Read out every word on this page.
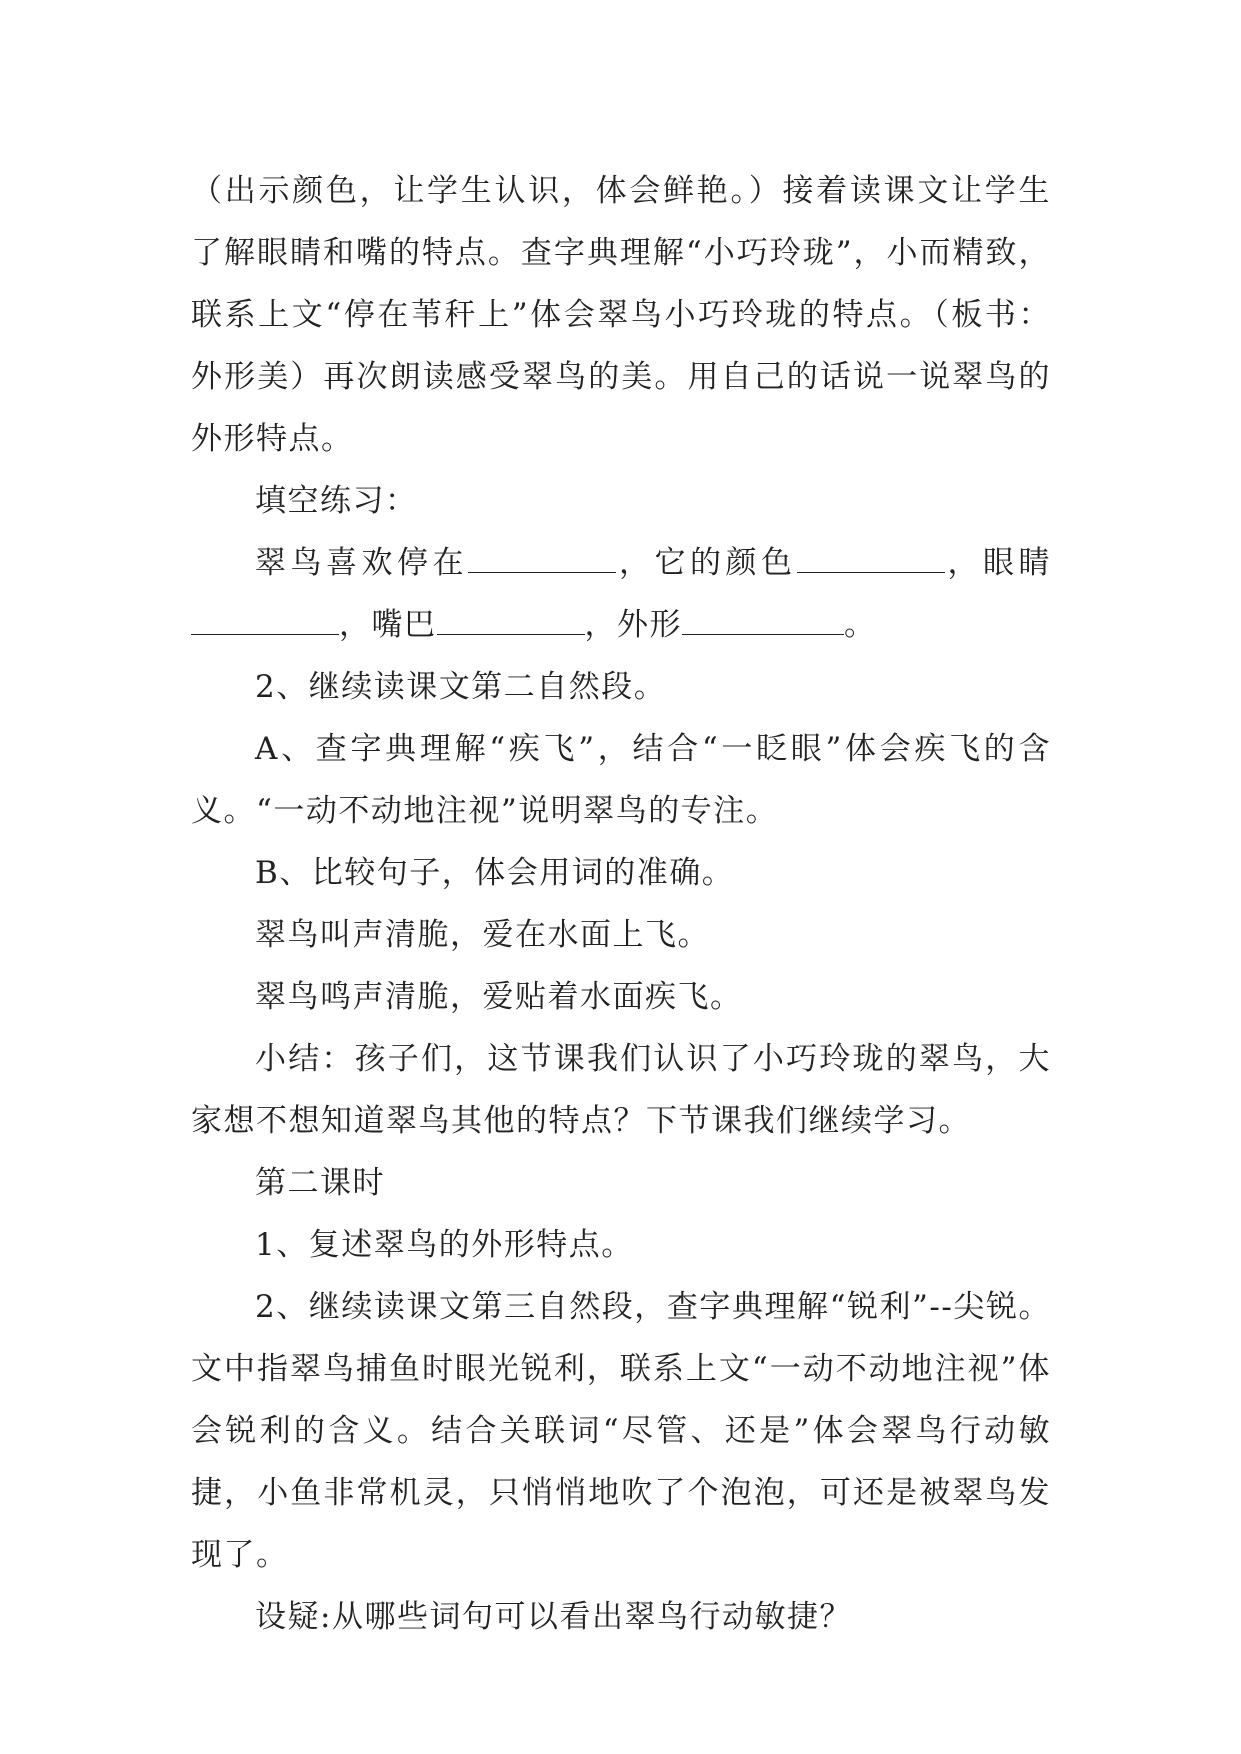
（出示颜色，让学生认识，体会鲜艳。）接着读课文让学生了解眼睛和嘴的特点。查字典理解“小巧玲珑”，小而精致，联系上文“停在苇秆上”体会翠鸟小巧玲珑的特点。（板书：外形美）再次朗读感受翠鸟的美。用自己的话说一说翠鸟的外形特点。

填空练习：

翠鸟喜欢停在	，它的颜色	，眼睛，嘴巴	，外形	。

2、继续读课文第二自然段。

A、查字典理解“疾飞”，结合“一眨眼”体会疾飞的含义。“一动不动地注视”说明翠鸟的专注。

B、比较句子，体会用词的准确。

翠鸟叫声清脆，爱在水面上飞。

翠鸟鸣声清脆，爱贴着水面疾飞。

小结：孩子们，这节课我们认识了小巧玲珑的翠鸟，大家想不想知道翠鸟其他的特点？下节课我们继续学习。

第二课时

1、复述翠鸟的外形特点。

2、继续读课文第三自然段，查字典理解“锐利”--尖锐。文中指翠鸟捕鱼时眼光锐利，联系上文“一动不动地注视”体会锐利的含义。结合关联词“尽管、还是”体会翠鸟行动敏捷，小鱼非常机灵，只悄悄地吹了个泡泡，可还是被翠鸟发现了。

设疑:从哪些词句可以看出翠鸟行动敏捷？
